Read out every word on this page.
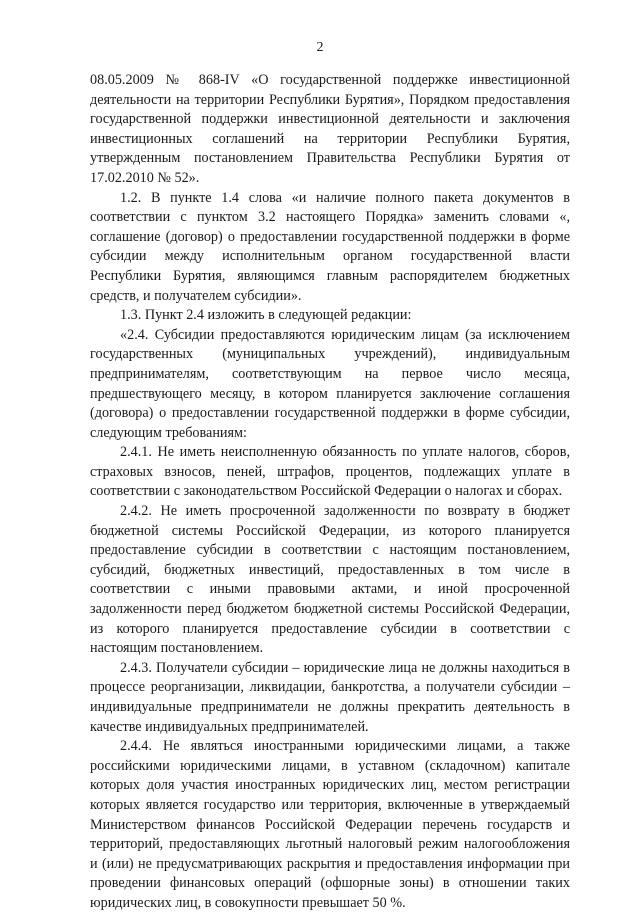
2

08.05.2009 № 868-IV «О государственной поддержке инвестиционной деятельности на территории Республики Бурятия», Порядком предоставления государственной поддержки инвестиционной деятельности и заключения инвестиционных соглашений на территории Республики Бурятия, утвержденным постановлением Правительства Республики Бурятия от 17.02.2010 № 52».

1.2. В пункте 1.4 слова «и наличие полного пакета документов в соответствии с пунктом 3.2 настоящего Порядка» заменить словами «, соглашение (договор) о предоставлении государственной поддержки в форме субсидии между исполнительным органом государственной власти Республики Бурятия, являющимся главным распорядителем бюджетных средств, и получателем субсидии».

1.3. Пункт 2.4 изложить в следующей редакции:

«2.4. Субсидии предоставляются юридическим лицам (за исключением государственных (муниципальных учреждений), индивидуальным предпринимателям, соответствующим на первое число месяца, предшествующего месяцу, в котором планируется заключение соглашения (договора) о предоставлении государственной поддержки в форме субсидии, следующим требованиям:

2.4.1. Не иметь неисполненную обязанность по уплате налогов, сборов, страховых взносов, пеней, штрафов, процентов, подлежащих уплате в соответствии с законодательством Российской Федерации о налогах и сборах.

2.4.2. Не иметь просроченной задолженности по возврату в бюджет бюджетной системы Российской Федерации, из которого планируется предоставление субсидии в соответствии с настоящим постановлением, субсидий, бюджетных инвестиций, предоставленных в том числе в соответствии с иными правовыми актами, и иной просроченной задолженности перед бюджетом бюджетной системы Российской Федерации, из которого планируется предоставление субсидии в соответствии с настоящим постановлением.

2.4.3. Получатели субсидии – юридические лица не должны находиться в процессе реорганизации, ликвидации, банкротства, а получатели субсидии – индивидуальные предприниматели не должны прекратить деятельность в качестве индивидуальных предпринимателей.

2.4.4. Не являться иностранными юридическими лицами, а также российскими юридическими лицами, в уставном (складочном) капитале которых доля участия иностранных юридических лиц, местом регистрации которых является государство или территория, включенные в утверждаемый Министерством финансов Российской Федерации перечень государств и территорий, предоставляющих льготный налоговый режим налогообложения и (или) не предусматривающих раскрытия и предоставления информации при проведении финансовых операций (офшорные зоны) в отношении таких юридических лиц, в совокупности превышает 50 %.
